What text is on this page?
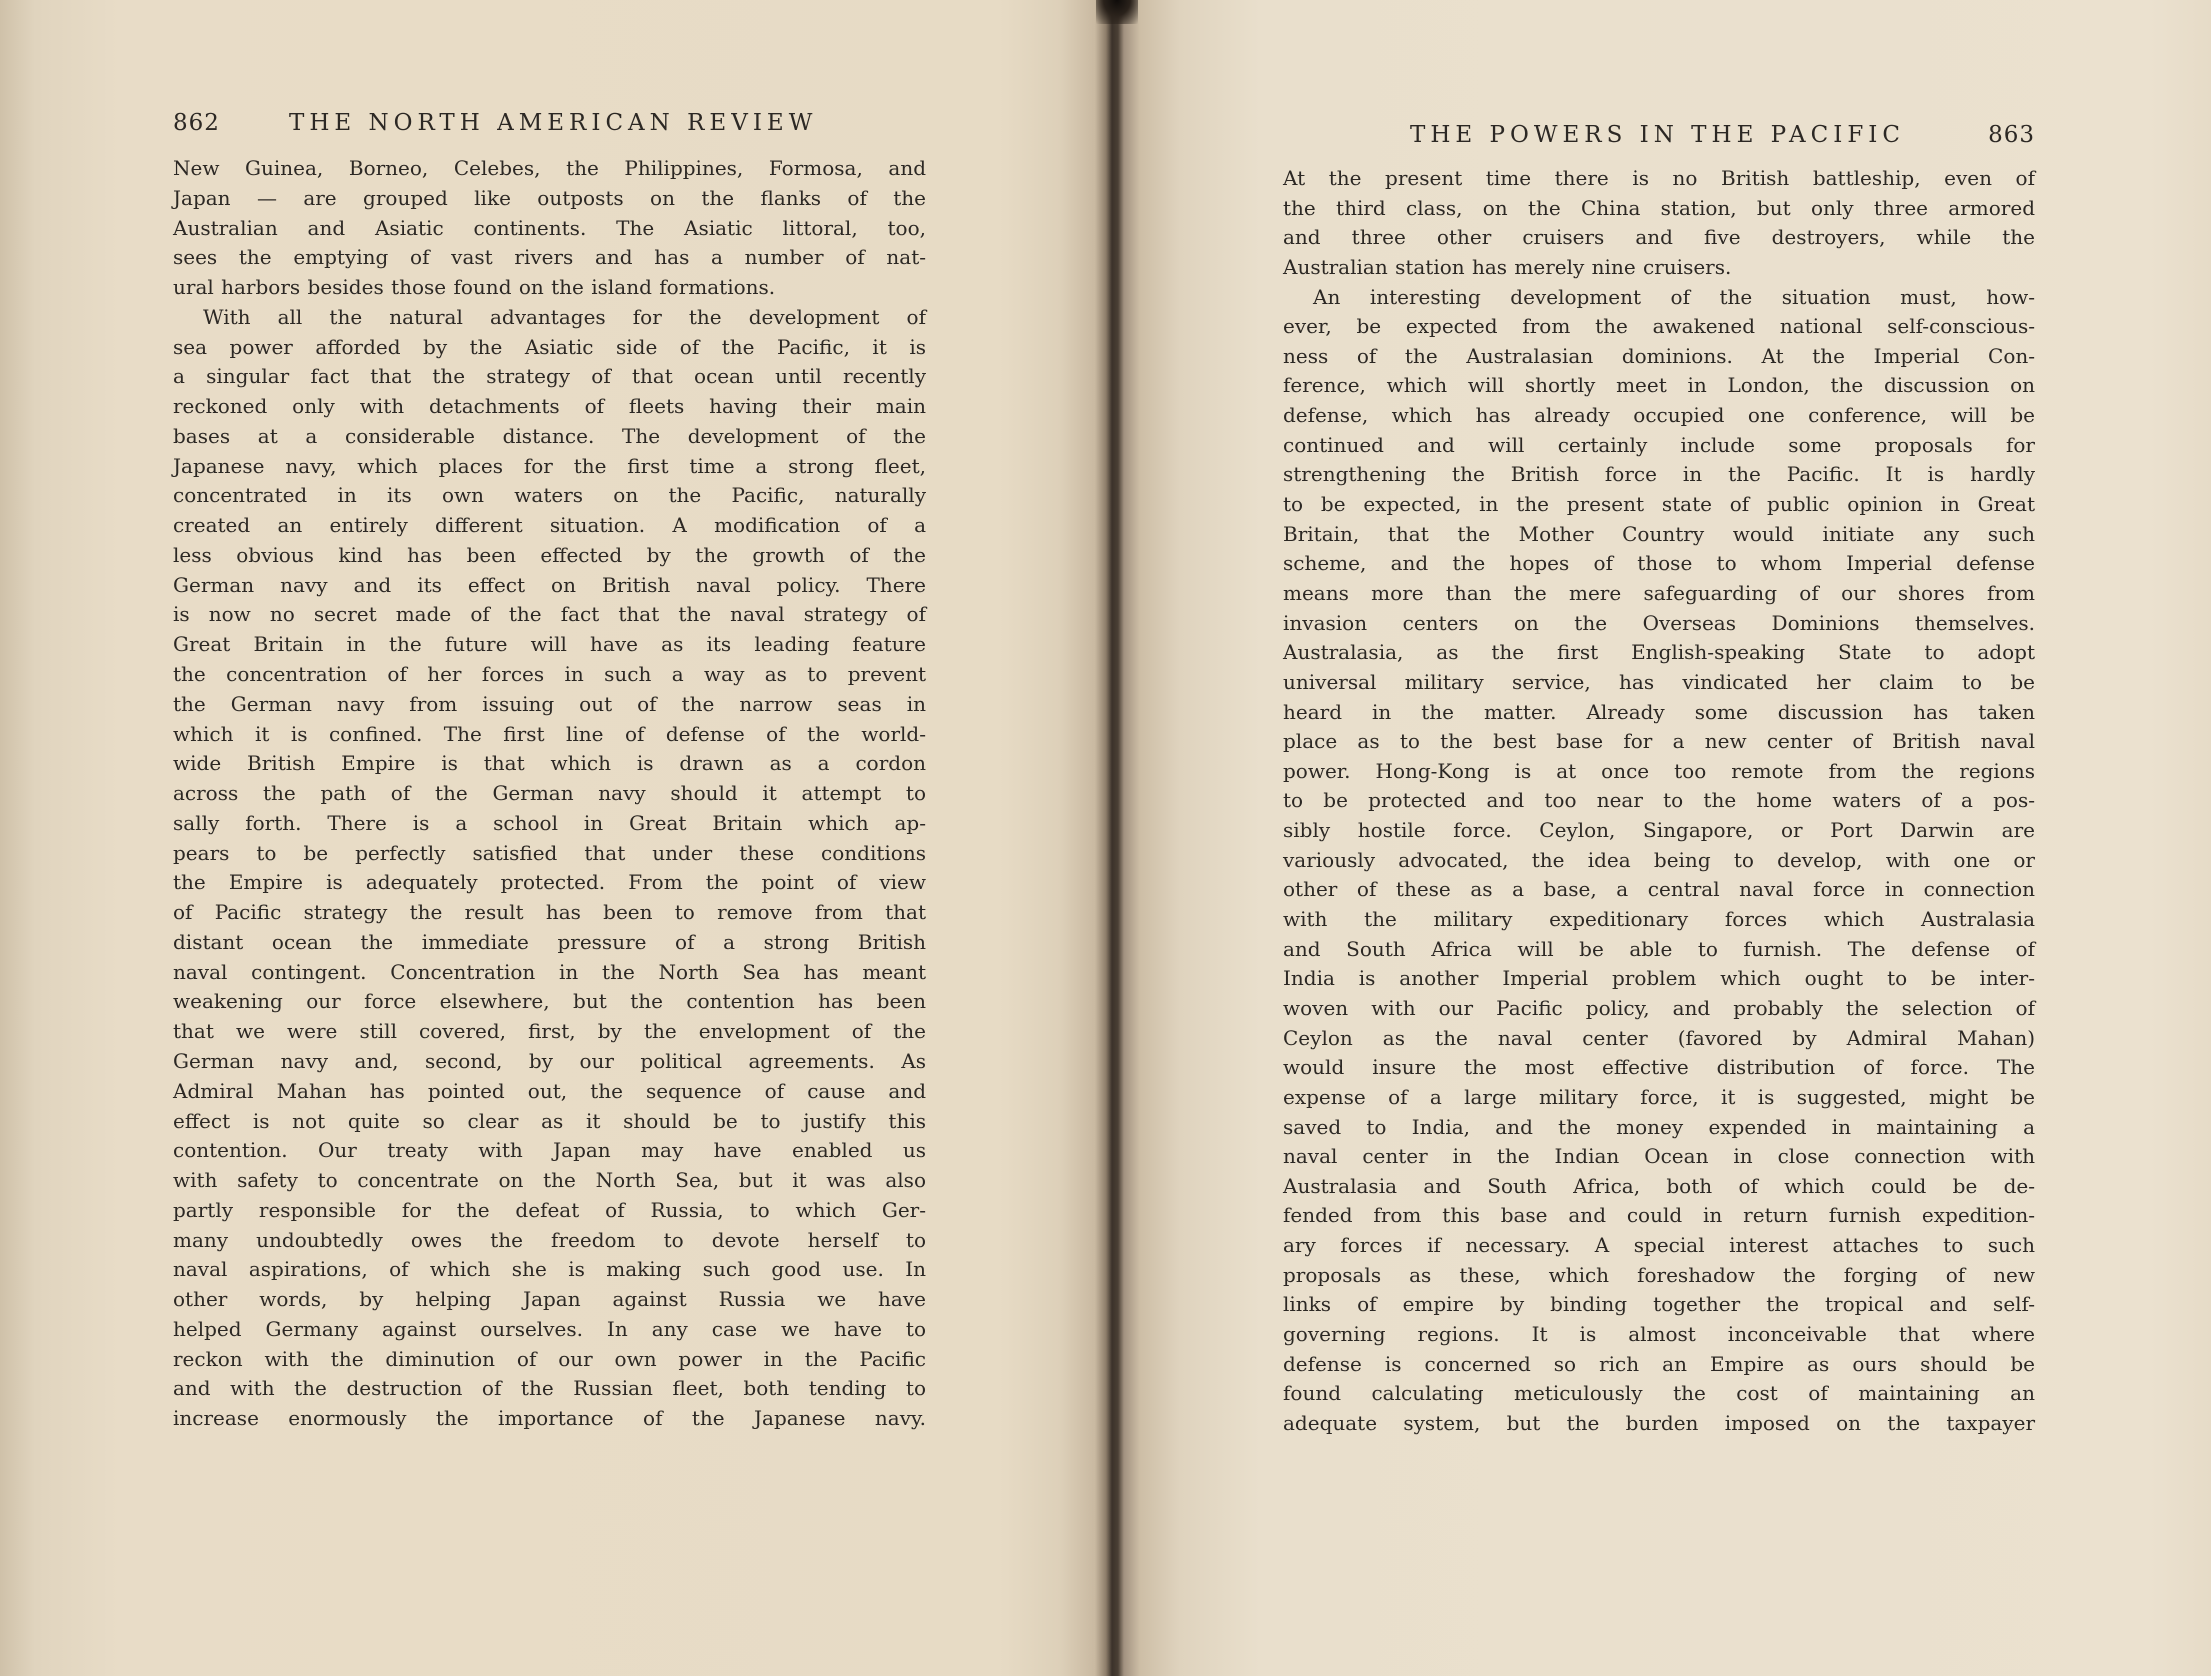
862	THE NORTH AMERICAN REVIEW
New Guinea, Borneo, Celebes, the Philippines, Formosa, and
Japan — are grouped like outposts on the flanks of the
Australian and Asiatic continents. The Asiatic littoral, too,
sees the emptying of vast rivers and has a number of nat-
ural harbors besides those found on the island formations.
With all the natural advantages for the development of
sea power afforded by the Asiatic side of the Pacific, it is
a singular fact that the strategy of that ocean until recently
reckoned only with detachments of fleets having their main
bases at a considerable distance. The development of the
Japanese navy, which places for the first time a strong fleet,
concentrated in its own waters on the Pacific, naturally
created an entirely different situation. A modification of a
less obvious kind has been effected by the growth of the
German navy and its effect on British naval policy. There
is now no secret made of the fact that the naval strategy of
Great Britain in the future will have as its leading feature
the concentration of her forces in such a way as to prevent
the German navy from issuing out of the narrow seas in
which it is confined. The first line of defense of the world-
wide British Empire is that which is drawn as a cordon
across the path of the German navy should it attempt to
sally forth. There is a school in Great Britain which ap-
pears to be perfectly satisfied that under these conditions
the Empire is adequately protected. From the point of view
of Pacific strategy the result has been to remove from that
distant ocean the immediate pressure of a strong British
naval contingent. Concentration in the North Sea has meant
weakening our force elsewhere, but the contention has been
that we were still covered, first, by the envelopment of the
German navy and, second, by our political agreements. As
Admiral Mahan has pointed out, the sequence of cause and
effect is not quite so clear as it should be to justify this
contention. Our treaty with Japan may have enabled us
with safety to concentrate on the North Sea, but it was also
partly responsible for the defeat of Russia, to which Ger-
many undoubtedly owes the freedom to devote herself to
naval aspirations, of which she is making such good use. In
other words, by helping Japan against Russia we have
helped Germany against ourselves. In any case we have to
reckon with the diminution of our own power in the Pacific
and with the destruction of the Russian fleet, both tending to
increase enormously the importance of the Japanese navy.
THE POWERS IN THE PACIFIC	863
At the present time there is no British battleship, even of
the third class, on the China station, but only three armored
and three other cruisers and five destroyers, while the
Australian station has merely nine cruisers.
An interesting development of the situation must, how-
ever, be expected from the awakened national self-conscious-
ness of the Australasian dominions. At the Imperial Con-
ference, which will shortly meet in London, the discussion on
defense, which has already occupied one conference, will be
continued and will certainly include some proposals for
strengthening the British force in the Pacific. It is hardly
to be expected, in the present state of public opinion in Great
Britain, that the Mother Country would initiate any such
scheme, and the hopes of those to whom Imperial defense
means more than the mere safeguarding of our shores from
invasion centers on the Overseas Dominions themselves.
Australasia, as the first English-speaking State to adopt
universal military service, has vindicated her claim to be
heard in the matter. Already some discussion has taken
place as to the best base for a new center of British naval
power. Hong-Kong is at once too remote from the regions
to be protected and too near to the home waters of a pos-
sibly hostile force. Ceylon, Singapore, or Port Darwin are
variously advocated, the idea being to develop, with one or
other of these as a base, a central naval force in connection
with the military expeditionary forces which Australasia
and South Africa will be able to furnish. The defense of
India is another Imperial problem which ought to be inter-
woven with our Pacific policy, and probably the selection of
Ceylon as the naval center (favored by Admiral Mahan)
would insure the most effective distribution of force. The
expense of a large military force, it is suggested, might be
saved to India, and the money expended in maintaining a
naval center in the Indian Ocean in close connection with
Australasia and South Africa, both of which could be de-
fended from this base and could in return furnish expedition-
ary forces if necessary. A special interest attaches to such
proposals as these, which foreshadow the forging of new
links of empire by binding together the tropical and self-
governing regions. It is almost inconceivable that where
defense is concerned so rich an Empire as ours should be
found calculating meticulously the cost of maintaining an
adequate system, but the burden imposed on the taxpayer
